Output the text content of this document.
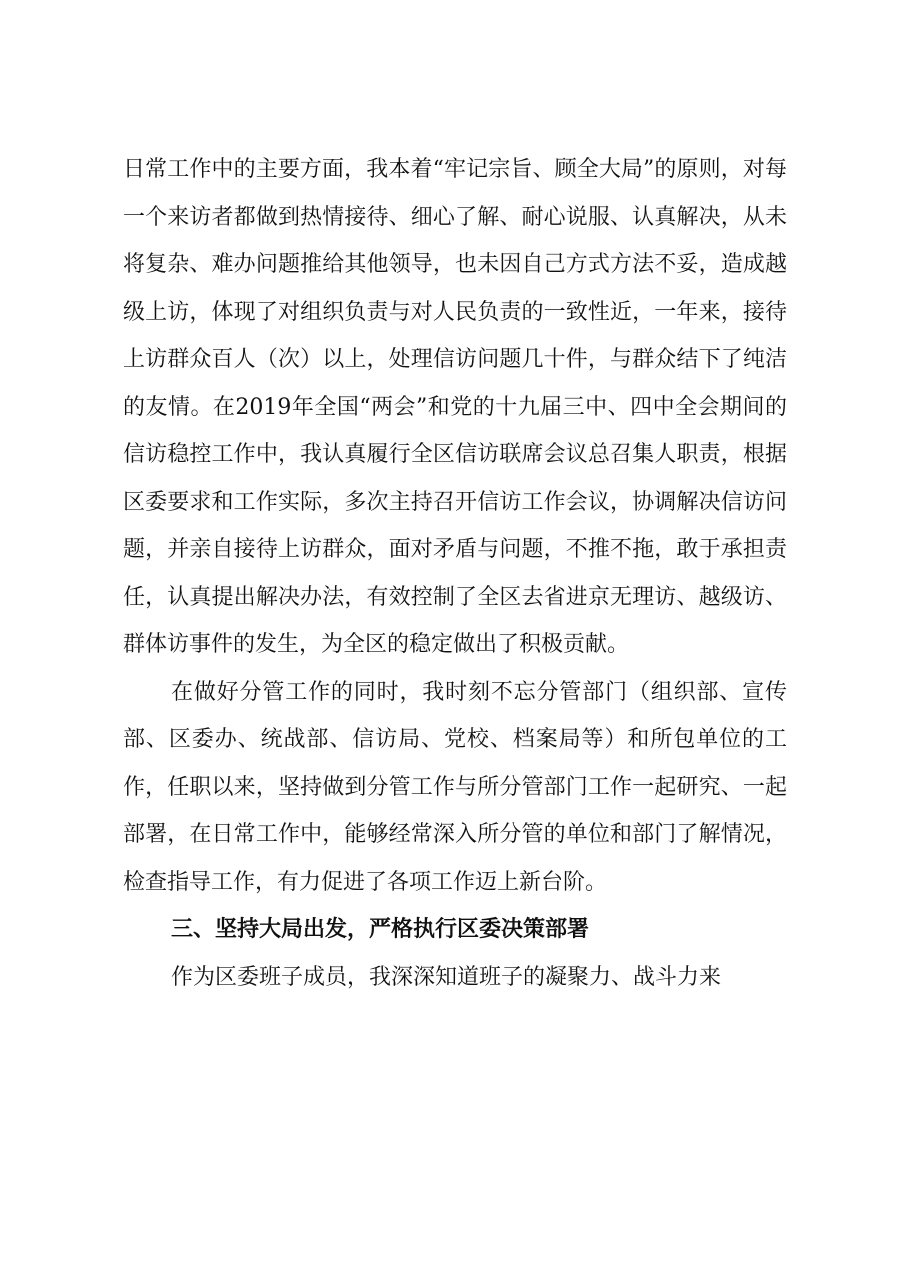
日常工作中的主要方面，我本着“牢记宗旨、顾全大局”的原则，对每一个来访者都做到热情接待、细心了解、耐心说服、认真解决，从未将复杂、难办问题推给其他领导，也未因自己方式方法不妥，造成越级上访，体现了对组织负责与对人民负责的一致性近，一年来，接待上访群众百人（次）以上，处理信访问题几十件，与群众结下了纯洁的友情。在2019年全国“两会”和党的十九届三中、四中全会期间的信访稳控工作中，我认真履行全区信访联席会议总召集人职责，根据区委要求和工作实际，多次主持召开信访工作会议，协调解决信访问题，并亲自接待上访群众，面对矛盾与问题，不推不拖，敢于承担责任，认真提出解决办法，有效控制了全区去省进京无理访、越级访、群体访事件的发生，为全区的稳定做出了积极贡献。

在做好分管工作的同时，我时刻不忘分管部门（组织部、宣传部、区委办、统战部、信访局、党校、档案局等）和所包单位的工作，任职以来，坚持做到分管工作与所分管部门工作一起研究、一起部署，在日常工作中，能够经常深入所分管的单位和部门了解情况，检查指导工作，有力促进了各项工作迈上新台阶。

三、坚持大局出发，严格执行区委决策部署

作为区委班子成员，我深深知道班子的凝聚力、战斗力来
